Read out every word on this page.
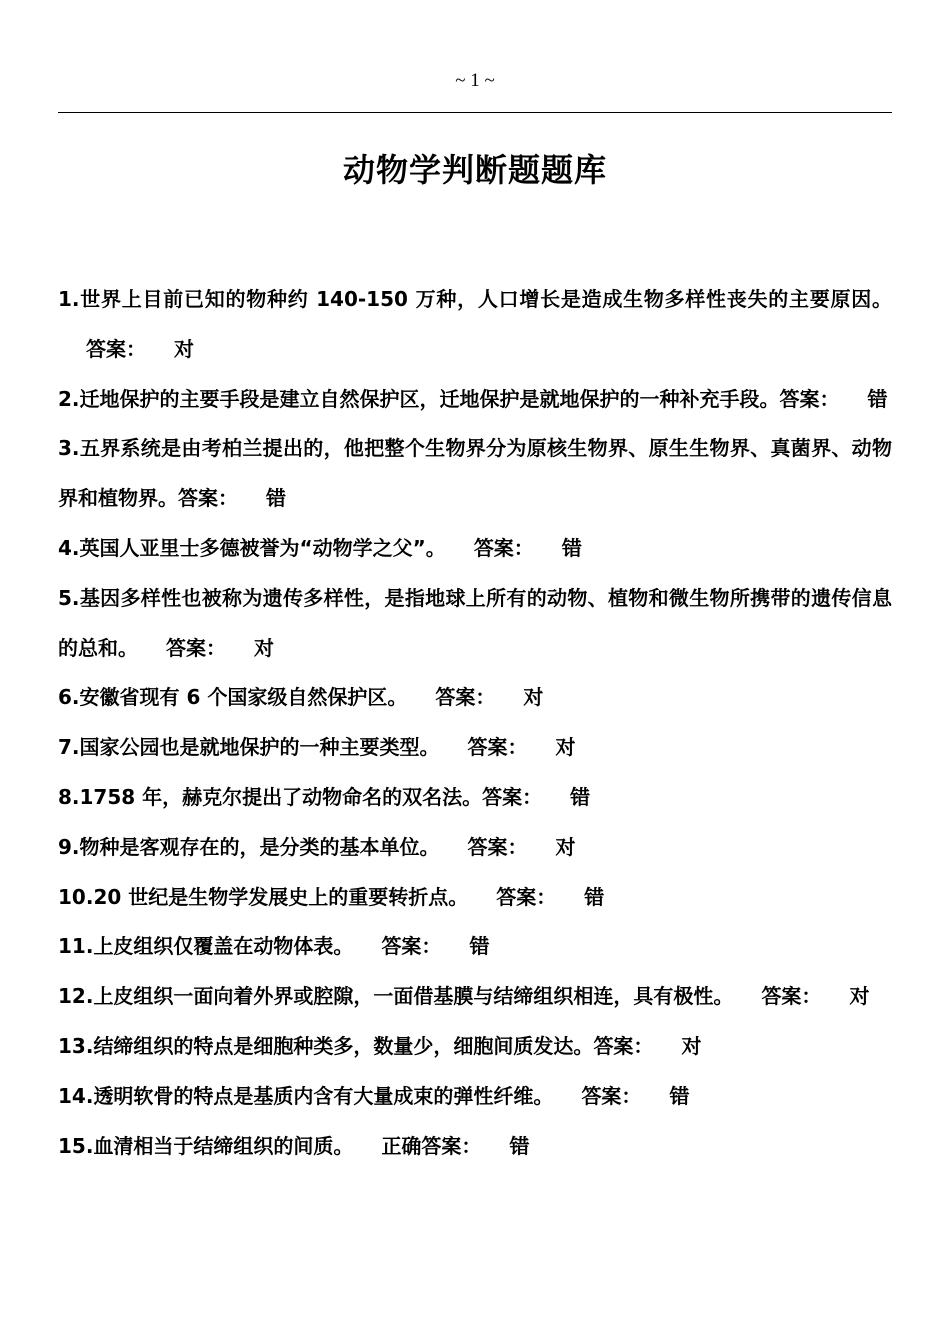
~ 1 ~
动物学判断题题库

1.世界上目前已知的物种约 140-150 万种，人口增长是造成生物多样性丧失的主要原因。答案： 对

2.迁地保护的主要手段是建立自然保护区，迁地保护是就地保护的一种补充手段。答案： 错

3.五界系统是由考柏兰提出的，他把整个生物界分为原核生物界、原生生物界、真菌界、动物界和植物界。答案： 错

4.英国人亚里士多德被誉为“动物学之父”。 答案： 错

5.基因多样性也被称为遗传多样性，是指地球上所有的动物、植物和微生物所携带的遗传信息的总和。 答案： 对

6.安徽省现有 6 个国家级自然保护区。 答案： 对

7.国家公园也是就地保护的一种主要类型。 答案： 对

8.1758 年，赫克尔提出了动物命名的双名法。答案： 错

9.物种是客观存在的，是分类的基本单位。 答案： 对

10.20 世纪是生物学发展史上的重要转折点。 答案： 错

11.上皮组织仅覆盖在动物体表。 答案： 错

12.上皮组织一面向着外界或腔隙，一面借基膜与结缔组织相连，具有极性。 答案： 对

13.结缔组织的特点是细胞种类多，数量少，细胞间质发达。答案： 对

14.透明软骨的特点是基质内含有大量成束的弹性纤维。 答案： 错

15.血清相当于结缔组织的间质。 正确答案： 错
